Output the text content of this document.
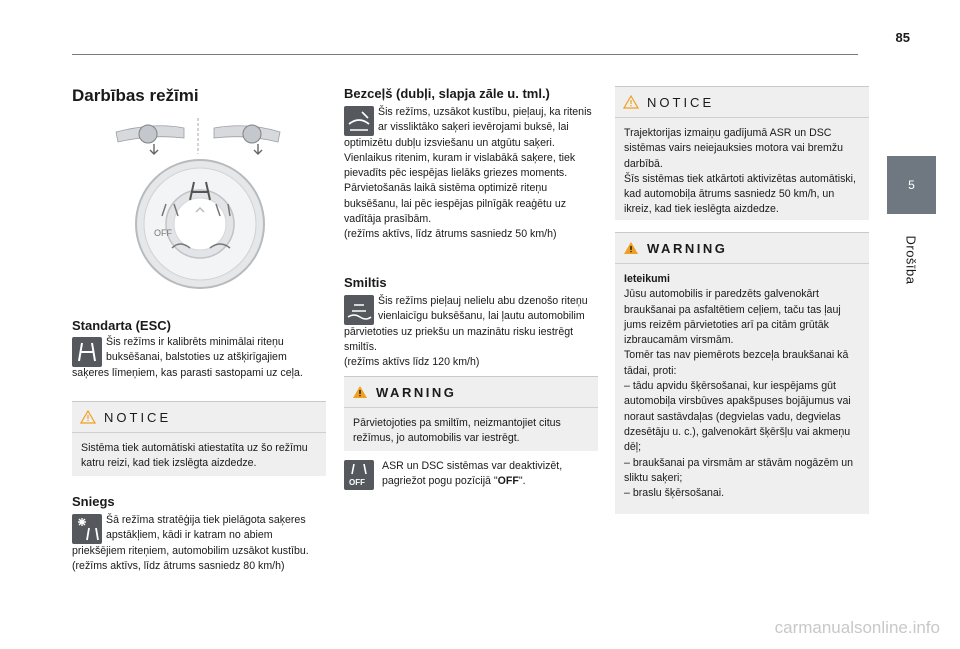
85
5
Drošība
Darbības režīmi
OFF
Standarta (ESC)
Šis režīms ir kalibrēts minimālai riteņu buksēšanai, balstoties uz atšķirīgajiem saķeres līmeņiem, kas parasti sastopami uz ceļa.
NOTICE
Sistēma tiek automātiski atiestatīta uz šo režīmu katru reizi, kad tiek izslēgta aizdedze.
Sniegs
Šā režīma stratēģija tiek pielāgota saķeres apstākļiem, kādi ir katram no abiem priekšējiem riteņiem, automobilim uzsākot kustību.
(režīms aktīvs, līdz ātrums sasniedz 80 km/h)
Bezceļš (dubļi, slapja zāle u. tml.)
Šis režīms, uzsākot kustību, pieļauj, ka ritenis ar vissliktāko saķeri ievērojami buksē, lai optimizētu dubļu izsviešanu un atgūtu saķeri. Vienlaikus ritenim, kuram ir vislabākā saķere, tiek pievadīts pēc iespējas lielāks griezes moments.
Pārvietošanās laikā sistēma optimizē riteņu buksēšanu, lai pēc iespējas pilnīgāk reaģētu uz vadītāja prasībām.
(režīms aktīvs, līdz ātrums sasniedz 50 km/h)
Smiltis
Šis režīms pieļauj nelielu abu dzenošo riteņu vienlaicīgu buksēšanu, lai ļautu automobilim pārvietoties uz priekšu un mazinātu risku iestrēgt smiltīs.
(režīms aktīvs līdz 120 km/h)
WARNING
Pārvietojoties pa smiltīm, neizmantojiet citus režīmus, jo automobilis var iestrēgt.
OFF
ASR un DSC sistēmas var deaktivizēt, pagriežot pogu pozīcijā "OFF".
NOTICE
Trajektorijas izmaiņu gadījumā ASR un DSC sistēmas vairs neiejauksies motora vai bremžu darbībā.
Šīs sistēmas tiek atkārtoti aktivizētas automātiski, kad automobiļa ātrums sasniedz 50 km/h, un ikreiz, kad tiek ieslēgta aizdedze.
WARNING
Ieteikumi
Jūsu automobilis ir paredzēts galvenokārt braukšanai pa asfaltētiem ceļiem, taču tas ļauj jums reizēm pārvietoties arī pa citām grūtāk izbraucamām virsmām.
Tomēr tas nav piemērots bezceļa braukšanai kā tādai, proti:
– tādu apvidu šķērsošanai, kur iespējams gūt automobiļa virsbūves apakšpuses bojājumus vai noraut sastāvdaļas (degvielas vadu, degvielas dzesētāju u. c.), galvenokārt šķēršļu vai akmeņu dēļ;
– braukšanai pa virsmām ar stāvām nogāzēm un sliktu saķeri;
– braslu šķērsošanai.
carmanualsonline.info
